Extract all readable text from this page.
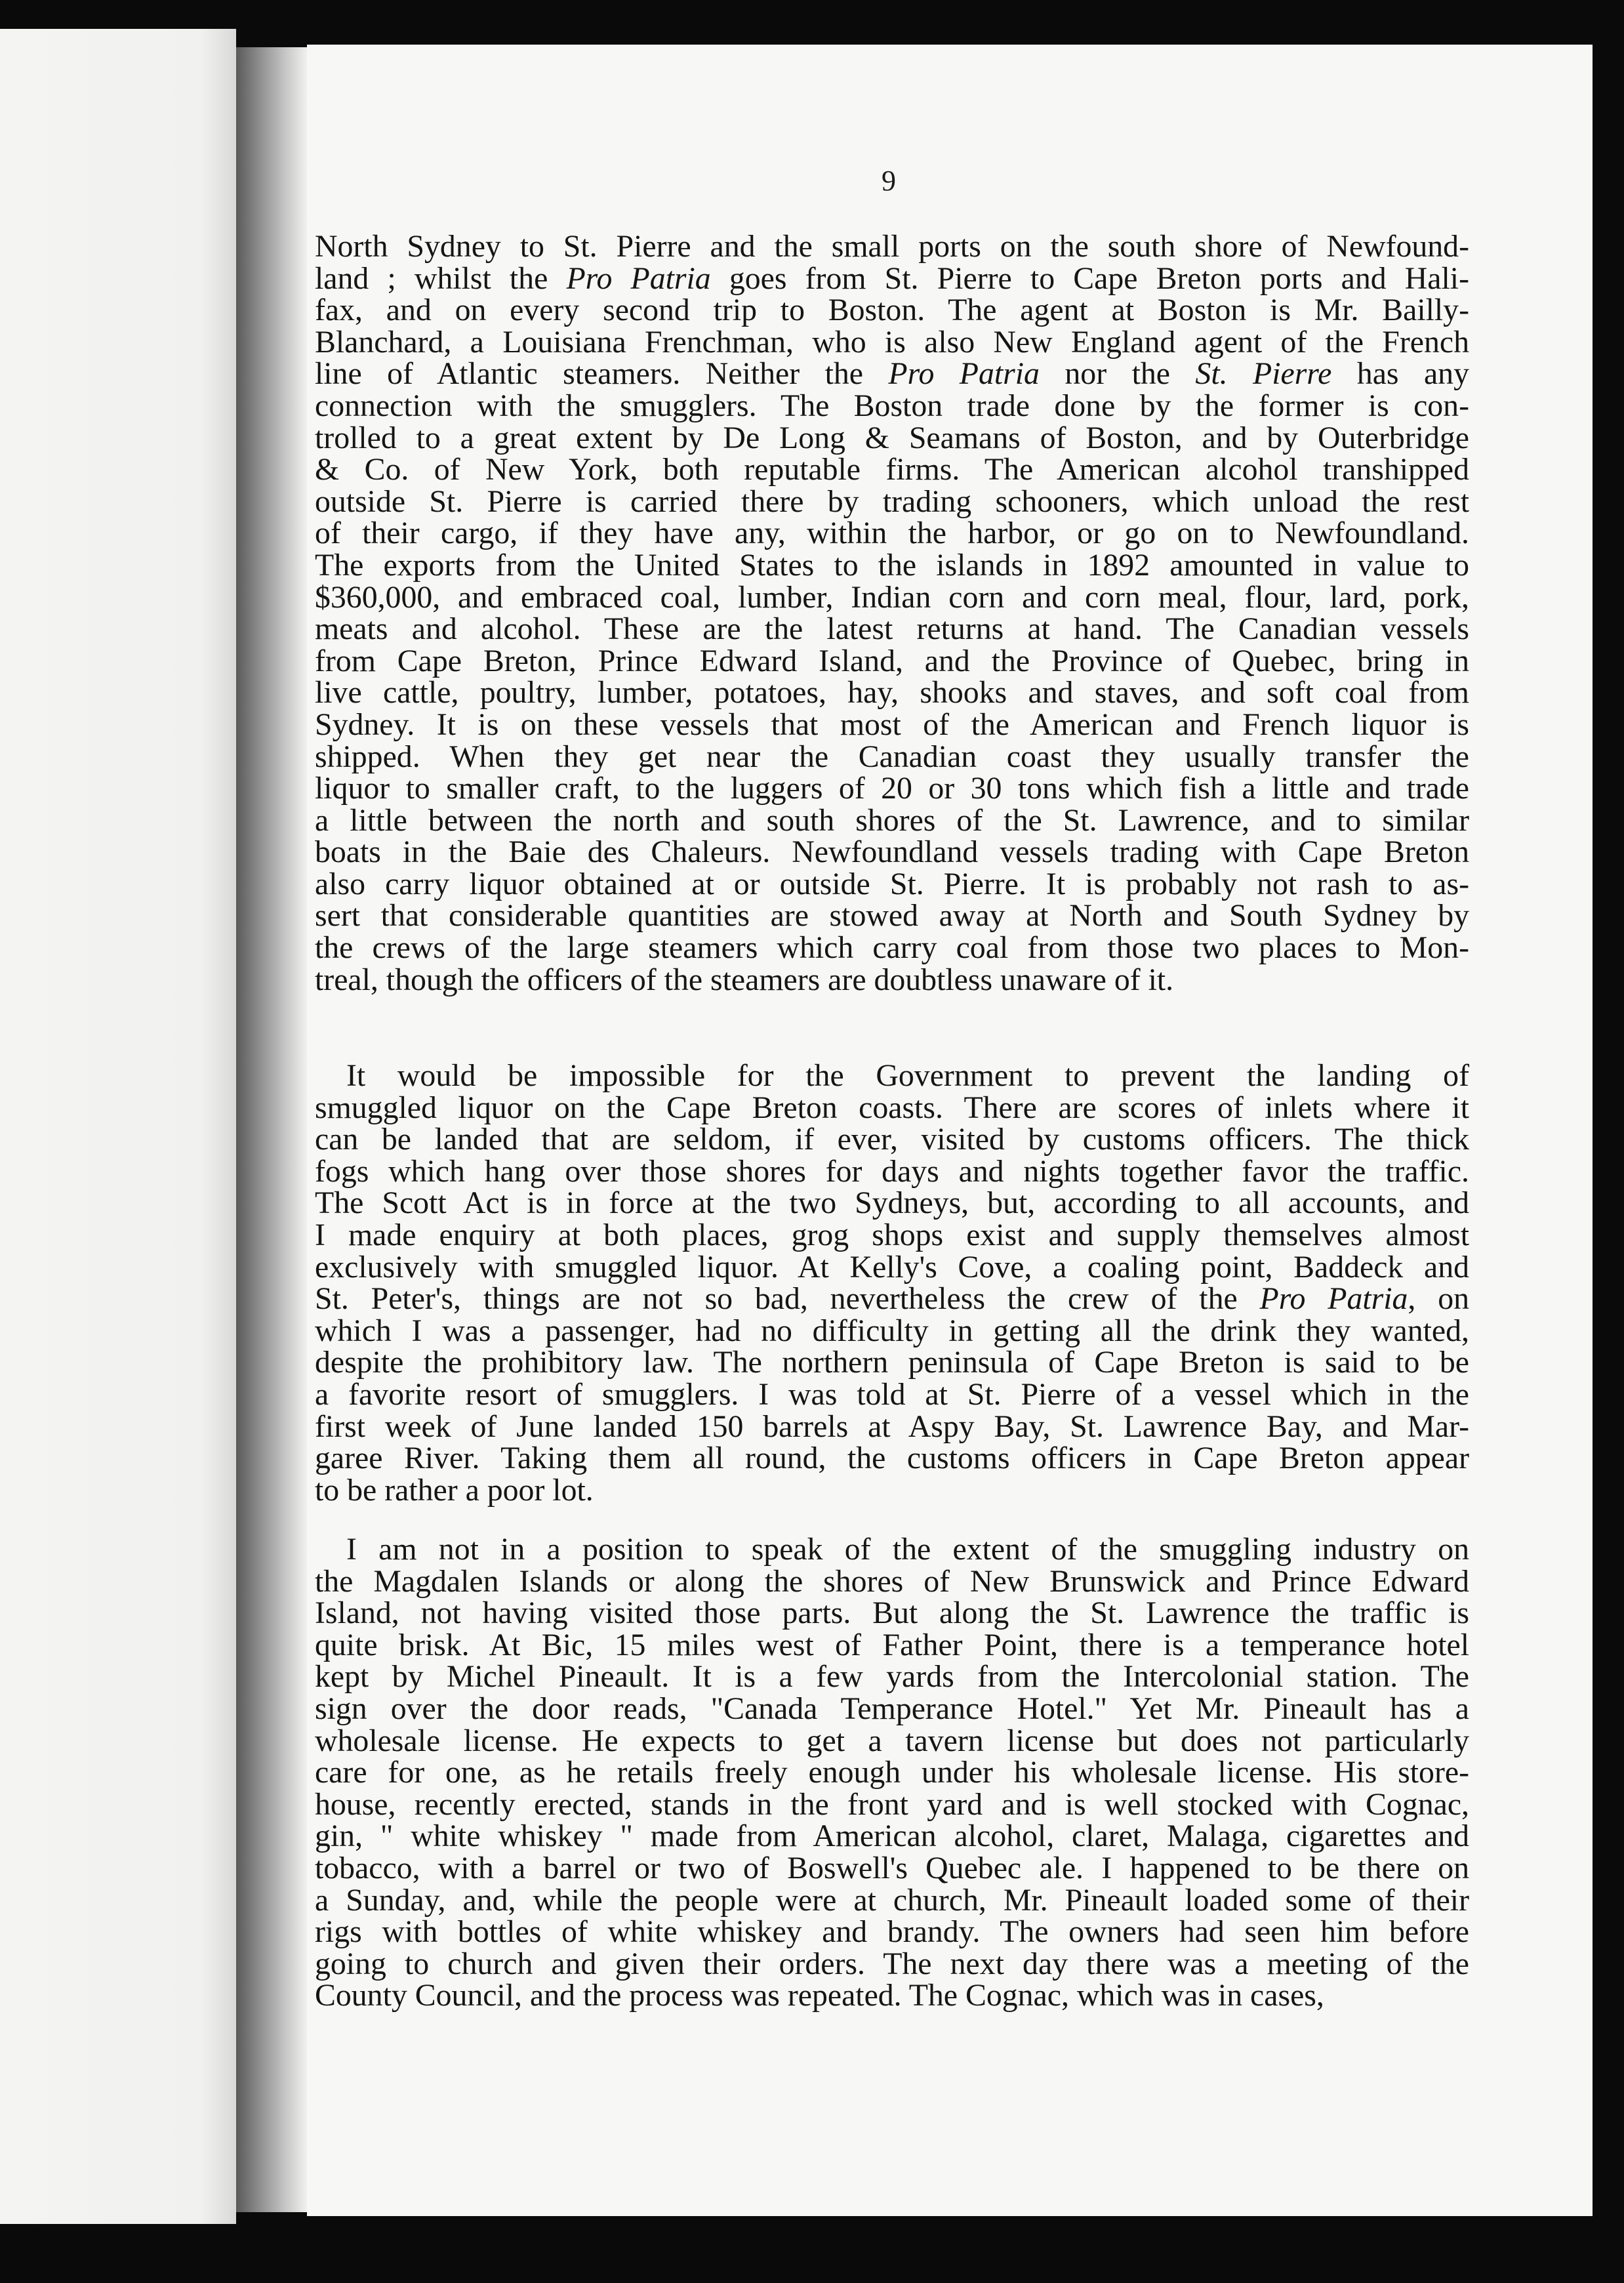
9
North Sydney to St. Pierre and the small ports on the south shore of Newfound-
land ; whilst the Pro Patria goes from St. Pierre to Cape Breton ports and Hali-
fax, and on every second trip to Boston. The agent at Boston is Mr. Bailly-
Blanchard, a Louisiana Frenchman, who is also New England agent of the French
line of Atlantic steamers. Neither the Pro Patria nor the St. Pierre has any
connection with the smugglers. The Boston trade done by the former is con-
trolled to a great extent by De Long & Seamans of Boston, and by Outerbridge
& Co. of New York, both reputable firms. The American alcohol transhipped
outside St. Pierre is carried there by trading schooners, which unload the rest
of their cargo, if they have any, within the harbor, or go on to Newfoundland.
The exports from the United States to the islands in 1892 amounted in value to
$360,000, and embraced coal, lumber, Indian corn and corn meal, flour, lard, pork,
meats and alcohol. These are the latest returns at hand. The Canadian vessels
from Cape Breton, Prince Edward Island, and the Province of Quebec, bring in
live cattle, poultry, lumber, potatoes, hay, shooks and staves, and soft coal from
Sydney. It is on these vessels that most of the American and French liquor is
shipped. When they get near the Canadian coast they usually transfer the
liquor to smaller craft, to the luggers of 20 or 30 tons which fish a little and trade
a little between the north and south shores of the St. Lawrence, and to similar
boats in the Baie des Chaleurs. Newfoundland vessels trading with Cape Breton
also carry liquor obtained at or outside St. Pierre. It is probably not rash to as-
sert that considerable quantities are stowed away at North and South Sydney by
the crews of the large steamers which carry coal from those two places to Mon-
treal, though the officers of the steamers are doubtless unaware of it.
It would be impossible for the Government to prevent the landing of
smuggled liquor on the Cape Breton coasts. There are scores of inlets where it
can be landed that are seldom, if ever, visited by customs officers. The thick
fogs which hang over those shores for days and nights together favor the traffic.
The Scott Act is in force at the two Sydneys, but, according to all accounts, and
I made enquiry at both places, grog shops exist and supply themselves almost
exclusively with smuggled liquor. At Kelly's Cove, a coaling point, Baddeck and
St. Peter's, things are not so bad, nevertheless the crew of the Pro Patria, on
which I was a passenger, had no difficulty in getting all the drink they wanted,
despite the prohibitory law. The northern peninsula of Cape Breton is said to be
a favorite resort of smugglers. I was told at St. Pierre of a vessel which in the
first week of June landed 150 barrels at Aspy Bay, St. Lawrence Bay, and Mar-
garee River. Taking them all round, the customs officers in Cape Breton appear
to be rather a poor lot.
I am not in a position to speak of the extent of the smuggling industry on
the Magdalen Islands or along the shores of New Brunswick and Prince Edward
Island, not having visited those parts. But along the St. Lawrence the traffic is
quite brisk. At Bic, 15 miles west of Father Point, there is a temperance hotel
kept by Michel Pineault. It is a few yards from the Intercolonial station. The
sign over the door reads, "Canada Temperance Hotel." Yet Mr. Pineault has a
wholesale license. He expects to get a tavern license but does not particularly
care for one, as he retails freely enough under his wholesale license. His store-
house, recently erected, stands in the front yard and is well stocked with Cognac,
gin, " white whiskey " made from American alcohol, claret, Malaga, cigarettes and
tobacco, with a barrel or two of Boswell's Quebec ale. I happened to be there on
a Sunday, and, while the people were at church, Mr. Pineault loaded some of their
rigs with bottles of white whiskey and brandy. The owners had seen him before
going to church and given their orders. The next day there was a meeting of the
County Council, and the process was repeated. The Cognac, which was in cases,
